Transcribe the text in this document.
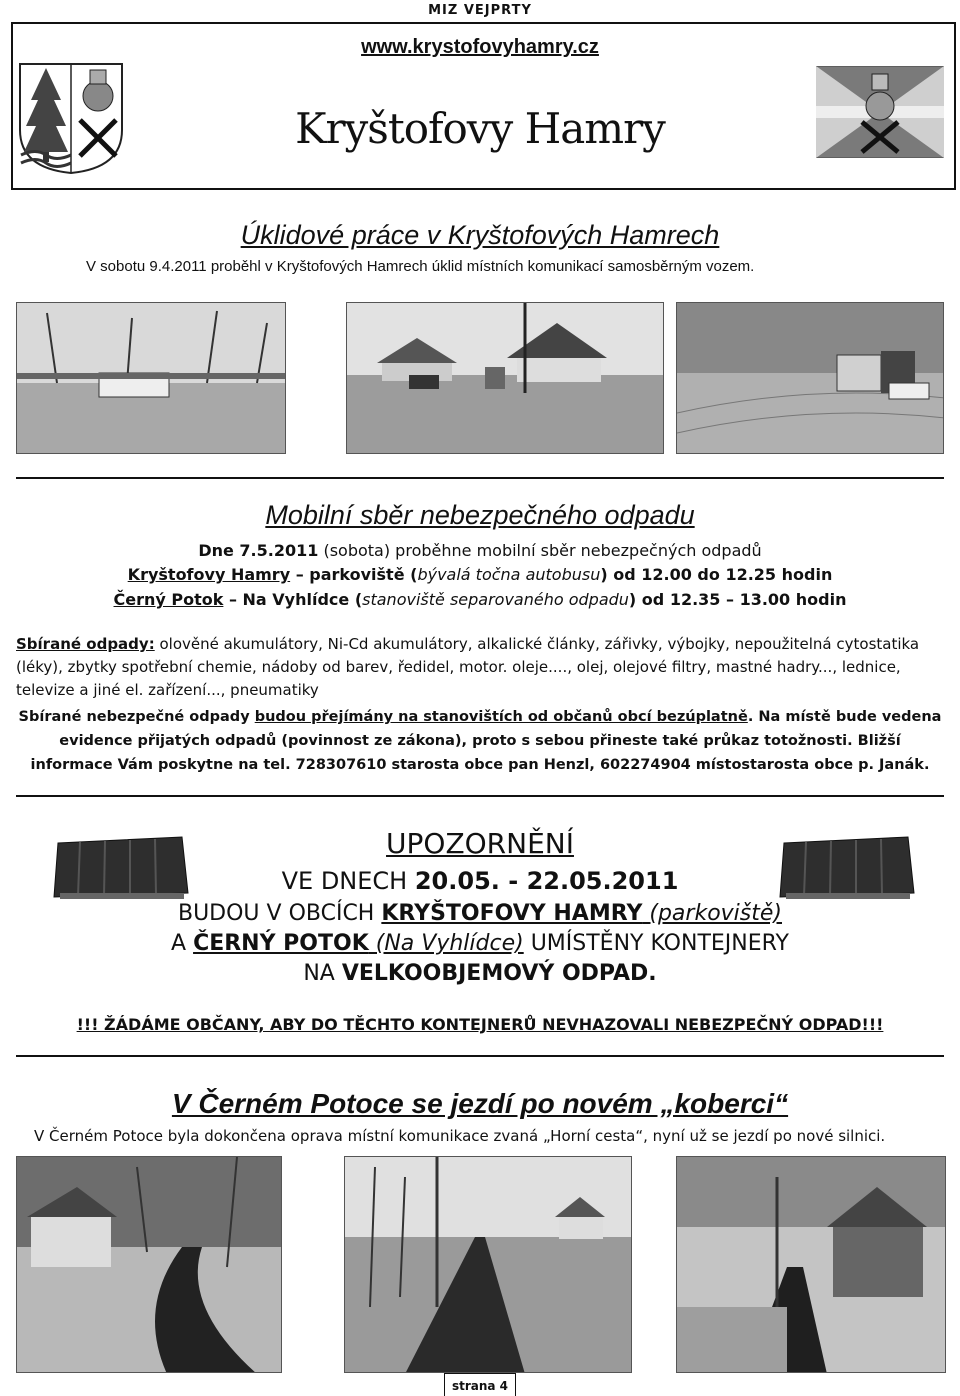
MIZ VEJPRTY
www.krystofovyhamry.cz
Kryštofovy Hamry
Úklidové práce v Kryštofových Hamrech
V sobotu 9.4.2011 proběhl v Kryštofových Hamrech úklid místních komunikací samosběrným vozem.
Mobilní sběr nebezpečného odpadu
Dne 7.5.2011 (sobota) proběhne mobilní sběr nebezpečných odpadů
Kryštofovy Hamry – parkoviště (bývalá točna autobusu) od 12.00 do 12.25 hodin
Černý Potok – Na Vyhlídce (stanoviště separovaného odpadu) od 12.35 – 13.00 hodin
Sbírané odpady: olověné akumulátory, Ni-Cd akumulátory, alkalické články, zářivky, výbojky, nepoužitelná cytostatika (léky), zbytky spotřební chemie, nádoby od barev, ředidel, motor. oleje...., olej, olejové filtry, mastné hadry..., lednice, televize a jiné el. zařízení..., pneumatiky
Sbírané nebezpečné odpady budou přejímány na stanovištích od občanů obcí bezúplatně. Na místě bude vedena evidence přijatých odpadů (povinnost ze zákona), proto s sebou přineste také průkaz totožnosti. Bližší informace Vám poskytne na tel. 728307610 starosta obce pan Henzl, 602274904 místostarosta obce p. Janák.
UPOZORNĚNÍ
VE DNECH 20.05. - 22.05.2011
BUDOU V OBCÍCH KRYŠTOFOVY HAMRY (parkoviště)
A ČERNÝ POTOK (Na Vyhlídce) UMÍSTĚNY KONTEJNERY
NA VELKOOBJEMOVÝ ODPAD.
!!! ŽÁDÁME OBČANY, ABY DO TĚCHTO KONTEJNERŮ NEVHAZOVALI NEBEZPEČNÝ ODPAD!!!
V Černém Potoce se jezdí po novém „koberci“
V Černém Potoce byla dokončena oprava místní komunikace zvaná „Horní cesta“, nyní už se jezdí po nové silnici.
strana 4
